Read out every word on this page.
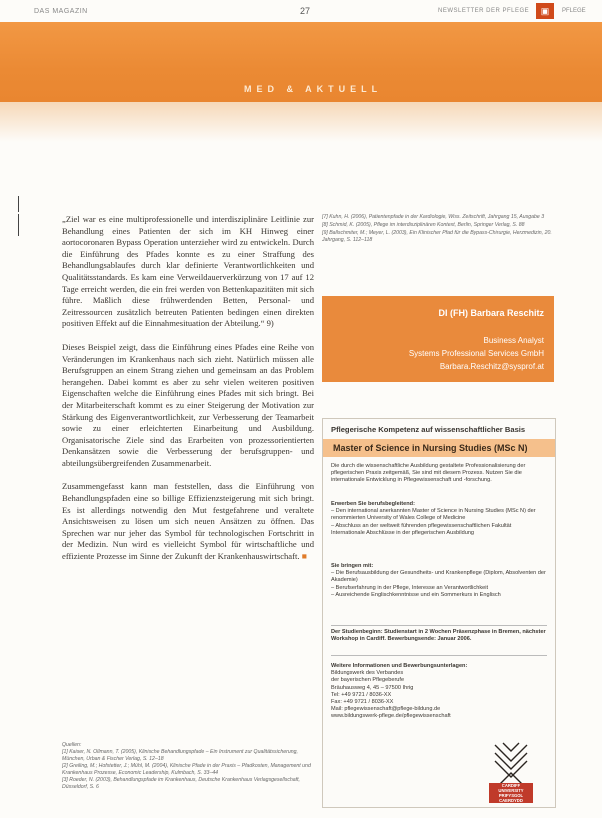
DAS MAGAZIN	27	NEWSLETTER DER PFLEGE	▣	PFLEGE
MED & AKTUELL

„Ziel war es eine multiprofessionelle und interdisziplinäre Leitlinie zur Behandlung eines Patienten der sich im KH Hinweg einer aortocoronaren Bypass Operation unterzieher wird zu entwickeln. Durch die Einführung des Pfades konnte es zu einer Straffung des Behandlungsablaufes durch klar definierte Verantwortlichkeiten und Qualitätsstandards. Es kam eine Verweildauerverkürzung von 17 auf 12 Tage erreicht werden, die ein frei werden von Bettenkapazitäten mit sich führe. Maßlich diese frühwerdenden Betten, Personal- und Zeitressourcen zusätzlich betreuten Patienten bedingen einen direkten positiven Effekt auf die Einnahmesituation der Abteilung.“ 9)

Dieses Beispiel zeigt, dass die Einführung eines Pfades eine Reihe von Veränderungen im Krankenhaus nach sich zieht. Natürlich müssen alle Berufsgruppen an einem Strang ziehen und gemeinsam an das Problem herangehen. Dabei kommt es aber zu sehr vielen weiteren positiven Eigenschaften welche die Einführung eines Pfades mit sich bringt. Bei der Mitarbeiterschaft kommt es zu einer Steigerung der Motivation zur Stärkung des Eigenverantwortlichkeit, zur Verbesserung der Teamarbeit sowie zu einer erleichterten Einarbeitung und Ausbildung. Organisatorische Ziele sind das Erarbeiten von prozessorientierten Denkansätzen sowie die Verbesserung der berufsgruppen- und abteilungsübergreifenden Zusammenarbeit.

Zusammengefasst kann man feststellen, dass die Einführung von Behandlungspfaden eine so billige Effizienzsteigerung mit sich bringt. Es ist allerdings notwendig den Mut festgefahrene und veraltete Ansichtsweisen zu lösen um sich neuen Ansätzen zu öffnen. Das Sprechen war nur jeher das Symbol für technologischen Fortschritt in der Medizin. Nun wird es vielleicht Symbol für wirtschaftliche und effiziente Prozesse im Sinne der Zukunft der Krankenhauswirtschaft. ■

Quellen:

[1] Kaiser, N. Ollmann, T. (2005), Klinische Behandlungspfade – Ein Instrument zur Qualitätssicherung, München, Urban & Fischer Verlag, S. 12–18

[2] Greiling, M.; Hofstetter, J.; Mühl, M. (2004), Klinische Pfade in der Praxis – Pfadkosten, Management und Krankenhaus Prozesse, Economic Leadership, Kulmbach, S. 33–44

[3] Roeder, N. (2003), Behandlungspfade im Krankenhaus, Deutsche Krankenhaus Verlagsgesellschaft, Düsseldorf, S. 6

[7] Kuhn, H. (2006), Patientenpfade in der Kardiologie, Wiss. Zeitschrift, Jahrgang 15, Ausgabe 3

[8] Schmid, K. (2005), Pflege im interdisziplinären Kontext, Berlin, Springer Verlag, S. 88

[9] Ballschmiter, M.; Meyer, L. (2003), Ein Klinischer Pfad für die Bypass-Chirurgie, Herzmedizin, 20. Jahrgang, S. 112–118

DI (FH) Barbara Reschitz
Business Analyst
Systems Professional Services GmbH
Barbara.Reschitz@sysprof.at
Pflegerische Kompetenz auf wissenschaftlicher Basis
Master of Science in Nursing Studies (MSc N)

Die durch die wissenschaftliche Ausbildung gestaltete Professionalisierung der pflegerischen Praxis zeitgemäß, Sie sind mit diesem Prozess. Nutzen Sie die internationale Entwicklung in Pflegewissenschaft und -forschung.

Erwerben Sie berufsbegleitend:

– Den international anerkannten Master of Science in Nursing Studies (MSc N) der renommierten University of Wales College of Medicine

– Abschluss an der weltweit führenden pflegewissenschaftlichen Fakultät

Internationale Abschlüsse in der pflegerischen Ausbildung

Sie bringen mit:

– Die Berufsausbildung der Gesundheits- und Krankenpflege (Diplom, Absolventen der Akademie)

– Berufserfahrung in der Pflege, Interesse an Verantwortlichkeit

– Ausreichende Englischkenntnisse und ein Sommerkurs in Englisch

Der Studienbeginn: Studienstart in 2 Wochen Präsenzphase in Bremen, nächster Workshop in Cardiff. Bewerbungsende: Januar 2006.

Weitere Informationen und Bewerbungsunterlagen:

Bildungswerk des Verbandes

der bayerischen Pflegeberufe

Bräuhausweg 4, 45 – 97500 Ihrig

Tel: +49 9721 / 8036-XX

Fax: +49 9721 / 8036-XX

Mail: pflegewissenschaft@pflege-bildung.de

www.bildungswerk-pflege.de/pflegewissenschaft

CARDIFF UNIVERSITY PRIFYSGOL CAERDYDD
